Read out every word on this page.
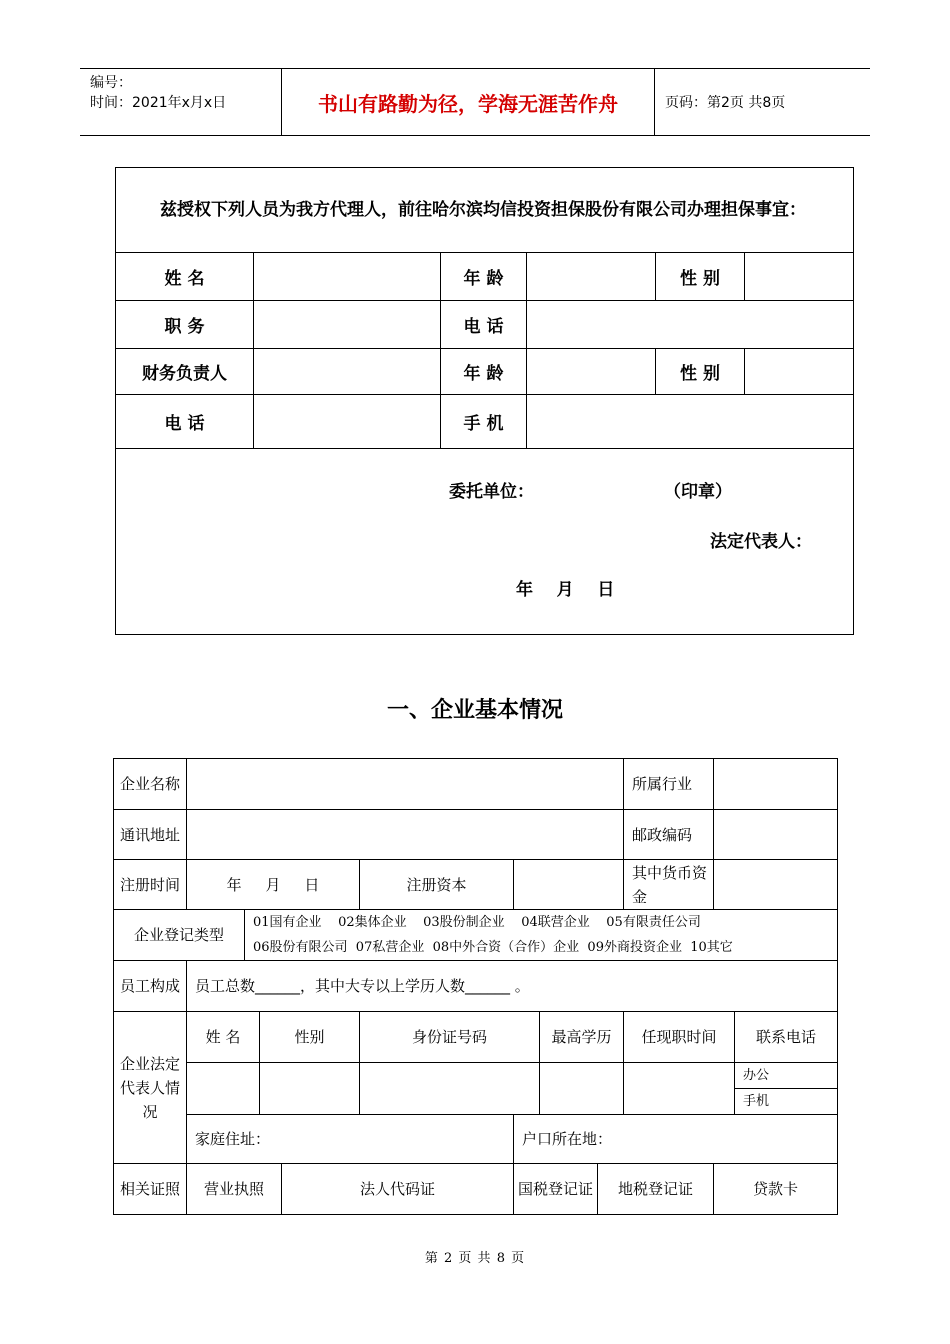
编号：
时间：2021年x月x日	书山有路勤为径，学海无涯苦作舟	页码：第2页 共8页
兹授权下列人员为我方代理人，前往哈尔滨均信投资担保股份有限公司办理担保事宜：					
姓 名		年 龄		性 别	
职 务		电 话			
财务负责人		年 龄		性 别	
电 话		手 机			

委托单位： （印章）
法定代表人：
年    月    日					
一、企业基本情况
企业名称									所属行业		
通讯地址									邮政编码		
注册时间	年     月     日				注册资本				其中货币资金		
企业登记类型		01国有企业    02集体企业    03股份制企业    04联营企业    05有限责任公司
06股份有限公司  07私营企业  08中外合资（合作）企业  09外商投资企业  10其它									

员工构成	员工总数______，其中大专以上学历人数______ 。										
企业法定代表人情况	姓 名		性别		身份证号码		最高学历		任现职时间		联系电话
											办公
											手机
	家庭住址：					户口所在地：					
相关证照	营业执照			法人代码证		国税登记证		地税登记证		贷款卡	
第 2 页 共 8 页
